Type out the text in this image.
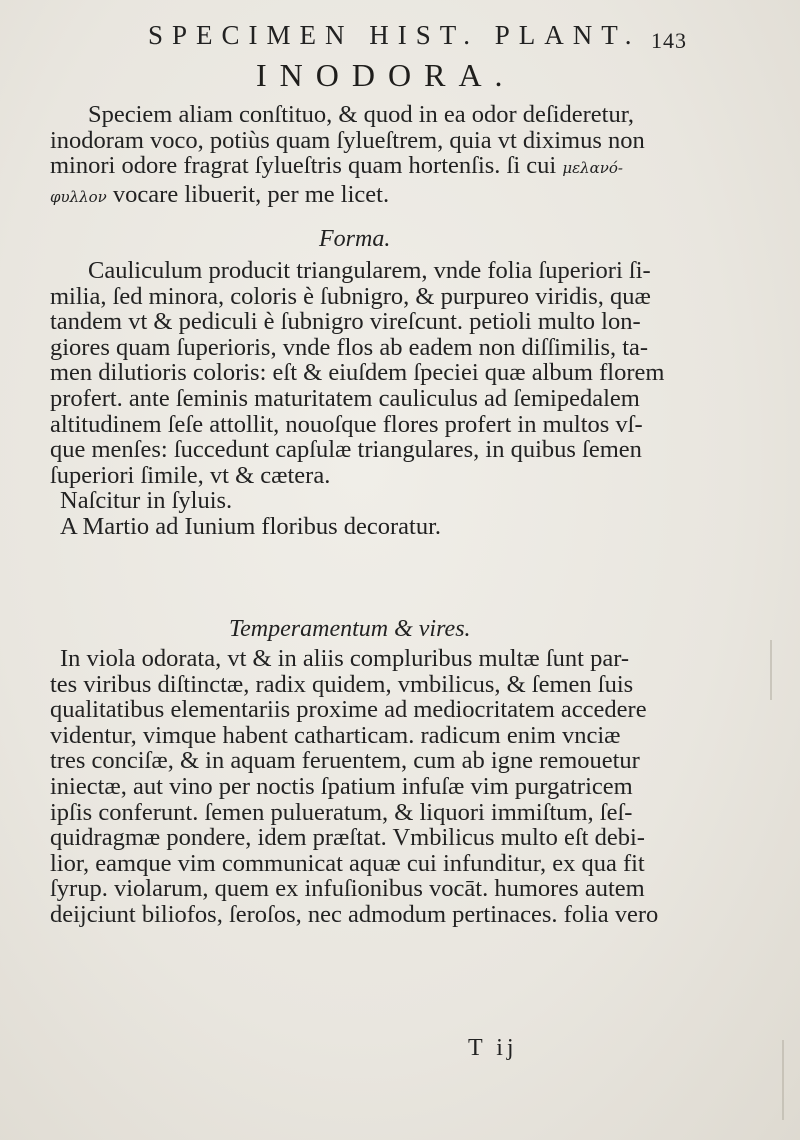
SPECIMEN HIST. PLANT. 143
INODORA.
Speciem aliam conſtituo, & quod in ea odor deſideretur,
inodoram voco, potiùs quam ſylueſtrem, quia vt diximus non
minori odore fragrat ſylueſtris quam hortenſis. ſi cui μελανό-
φυλλον vocare libuerit, per me licet.
Forma.
Cauliculum producit triangularem, vnde folia ſuperiori ſi-
milia, ſed minora, coloris è ſubnigro, & purpureo viridis, quæ
tandem vt & pediculi è ſubnigro vireſcunt. petioli multo lon-
giores quam ſuperioris, vnde flos ab eadem non diſſimilis, ta-
men dilutioris coloris: eſt & eiuſdem ſpeciei quæ album florem
profert. ante ſeminis maturitatem cauliculus ad ſemipedalem
altitudinem ſeſe attollit, nouoſque flores profert in multos vſ-
que menſes: ſuccedunt capſulæ triangulares, in quibus ſemen
ſuperiori ſimile, vt & cætera.
Naſcitur in ſyluis.
A Martio ad Iunium floribus decoratur.
Temperamentum & vires.
In viola odorata, vt & in aliis compluribus multæ ſunt par-
tes viribus diſtinctæ, radix quidem, vmbilicus, & ſemen ſuis
qualitatibus elementariis proxime ad mediocritatem accedere
videntur, vimque habent catharticam. radicum enim vnciæ
tres conciſæ, & in aquam feruentem, cum ab igne remouetur
iniectæ, aut vino per noctis ſpatium infuſæ vim purgatricem
ipſis conferunt. ſemen pulueratum, & liquori immiſtum, ſeſ-
quidragmæ pondere, idem præſtat. Vmbilicus multo eſt debi-
lior, eamque vim communicat aquæ cui infunditur, ex qua fit
ſyrup. violarum, quem ex infuſionibus vocāt. humores autem
deijciunt biliofos, ſeroſos, nec admodum pertinaces. folia vero
T ij
